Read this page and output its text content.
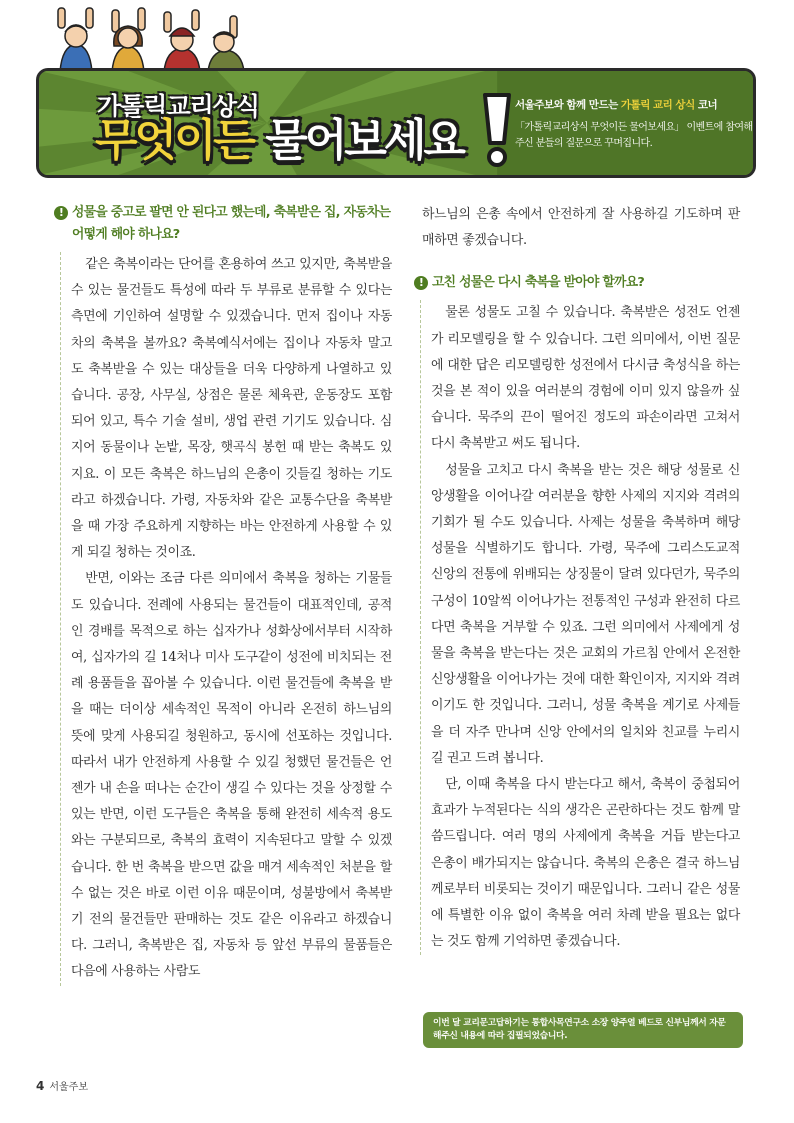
가톨릭교리상식
무엇이든 물어보세요
서울주보와 함께 만드는 가톨릭 교리 상식 코너
「가톨릭교리상식 무엇이든 물어보세요」 이벤트에 참여해 주신 분들의 질문으로 꾸며집니다.
! 성물을 중고로 팔면 안 된다고 했는데, 축복받은 집, 자동차는 어떻게 해야 하나요?

같은 축복이라는 단어를 혼용하여 쓰고 있지만, 축복받을 수 있는 물건들도 특성에 따라 두 부류로 분류할 수 있다는 측면에 기인하여 설명할 수 있겠습니다. 먼저 집이나 자동차의 축복을 볼까요? 축복예식서에는 집이나 자동차 말고도 축복받을 수 있는 대상들을 더욱 다양하게 나열하고 있습니다. 공장, 사무실, 상점은 물론 체육관, 운동장도 포함되어 있고, 특수 기술 설비, 생업 관련 기기도 있습니다. 심지어 동물이나 논밭, 목장, 햇곡식 봉헌 때 받는 축복도 있지요. 이 모든 축복은 하느님의 은총이 깃들길 청하는 기도라고 하겠습니다. 가령, 자동차와 같은 교통수단을 축복받을 때 가장 주요하게 지향하는 바는 안전하게 사용할 수 있게 되길 청하는 것이죠.

반면, 이와는 조금 다른 의미에서 축복을 청하는 기물들도 있습니다. 전례에 사용되는 물건들이 대표적인데, 공적인 경배를 목적으로 하는 십자가나 성화상에서부터 시작하여, 십자가의 길 14처나 미사 도구같이 성전에 비치되는 전례 용품들을 꼽아볼 수 있습니다. 이런 물건들에 축복을 받을 때는 더이상 세속적인 목적이 아니라 온전히 하느님의 뜻에 맞게 사용되길 청원하고, 동시에 선포하는 것입니다. 따라서 내가 안전하게 사용할 수 있길 청했던 물건들은 언젠가 내 손을 떠나는 순간이 생길 수 있다는 것을 상정할 수 있는 반면, 이런 도구들은 축복을 통해 완전히 세속적 용도와는 구분되므로, 축복의 효력이 지속된다고 말할 수 있겠습니다. 한 번 축복을 받으면 값을 매겨 세속적인 처분을 할 수 없는 것은 바로 이런 이유 때문이며, 성불방에서 축복받기 전의 물건들만 판매하는 것도 같은 이유라고 하겠습니다. 그러니, 축복받은 집, 자동차 등 앞선 부류의 물품들은 다음에 사용하는 사람도

하느님의 은총 속에서 안전하게 잘 사용하길 기도하며 판매하면 좋겠습니다.

! 고친 성물은 다시 축복을 받아야 할까요?

물론 성물도 고칠 수 있습니다. 축복받은 성전도 언젠가 리모델링을 할 수 있습니다. 그런 의미에서, 이번 질문에 대한 답은 리모델링한 성전에서 다시금 축성식을 하는 것을 본 적이 있을 여러분의 경험에 이미 있지 않을까 싶습니다. 묵주의 끈이 떨어진 정도의 파손이라면 고쳐서 다시 축복받고 써도 됩니다.

성물을 고치고 다시 축복을 받는 것은 해당 성물로 신앙생활을 이어나갈 여러분을 향한 사제의 지지와 격려의 기회가 될 수도 있습니다. 사제는 성물을 축복하며 해당 성물을 식별하기도 합니다. 가령, 묵주에 그리스도교적 신앙의 전통에 위배되는 상징물이 달려 있다던가, 묵주의 구성이 10알씩 이어나가는 전통적인 구성과 완전히 다르다면 축복을 거부할 수 있죠. 그런 의미에서 사제에게 성물을 축복을 받는다는 것은 교회의 가르침 안에서 온전한 신앙생활을 이어나가는 것에 대한 확인이자, 지지와 격려이기도 한 것입니다. 그러니, 성물 축복을 계기로 사제들을 더 자주 만나며 신앙 안에서의 일치와 친교를 누리시길 권고 드려 봅니다.

단, 이때 축복을 다시 받는다고 해서, 축복이 중첩되어 효과가 누적된다는 식의 생각은 곤란하다는 것도 함께 말씀드립니다. 여러 명의 사제에게 축복을 거듭 받는다고 은총이 배가되지는 않습니다. 축복의 은총은 결국 하느님께로부터 비롯되는 것이기 때문입니다. 그러니 같은 성물에 특별한 이유 없이 축복을 여러 차례 받을 필요는 없다는 것도 함께 기억하면 좋겠습니다.

이번 달 교리문고답하기는 통합사목연구소 소장 양주열 베드로 신부님께서 자문해주신 내용에 따라 집필되었습니다.
4 서울주보
